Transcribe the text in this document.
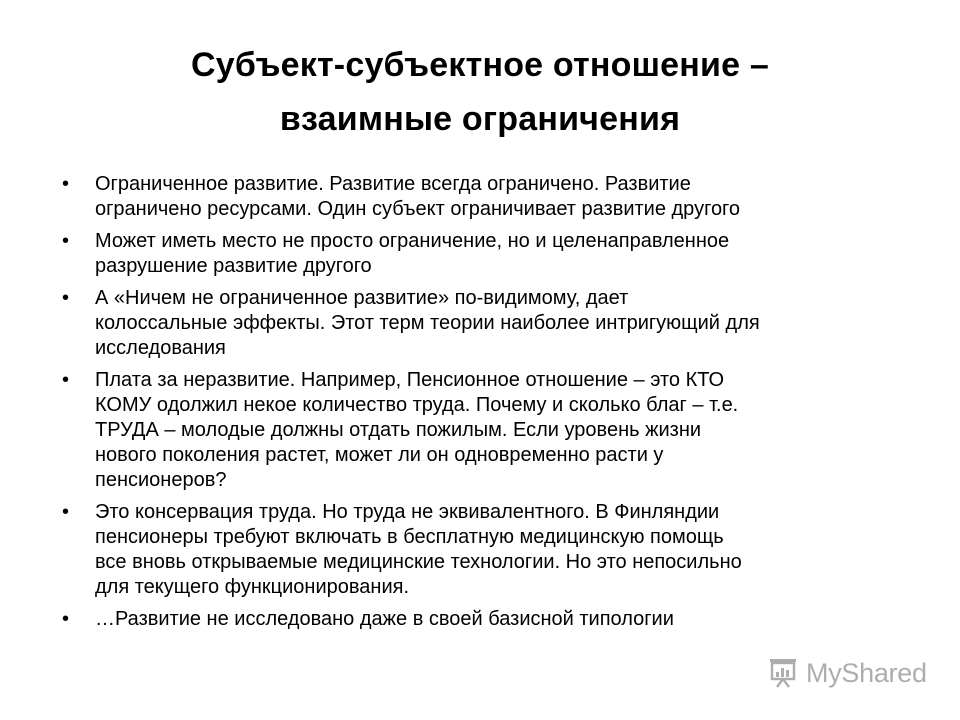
Субъект-субъектное отношение –
взаимные ограничения
• Ограниченное развитие. Развитие всегда ограничено. Развитие
ограничено ресурсами. Один субъект ограничивает развитие другого
• Может иметь место не просто ограничение, но и целенаправленное
разрушение развитие другого
• А «Ничем не ограниченное развитие» по-видимому, дает
колоссальные эффекты. Этот терм теории наиболее интригующий для
исследования
• Плата за неразвитие. Например, Пенсионное отношение – это КТО
КОМУ одолжил некое количество труда. Почему и сколько благ – т.е.
ТРУДА – молодые должны отдать пожилым. Если уровень жизни
нового поколения растет, может ли он одновременно расти у
пенсионеров?
• Это консервация труда. Но труда не эквивалентного. В Финляндии
пенсионеры требуют включать в бесплатную медицинскую помощь
все вновь открываемые медицинские технологии. Но это непосильно
для текущего функционирования.
• …Развитие не исследовано даже в своей базисной типологии
MyShared
